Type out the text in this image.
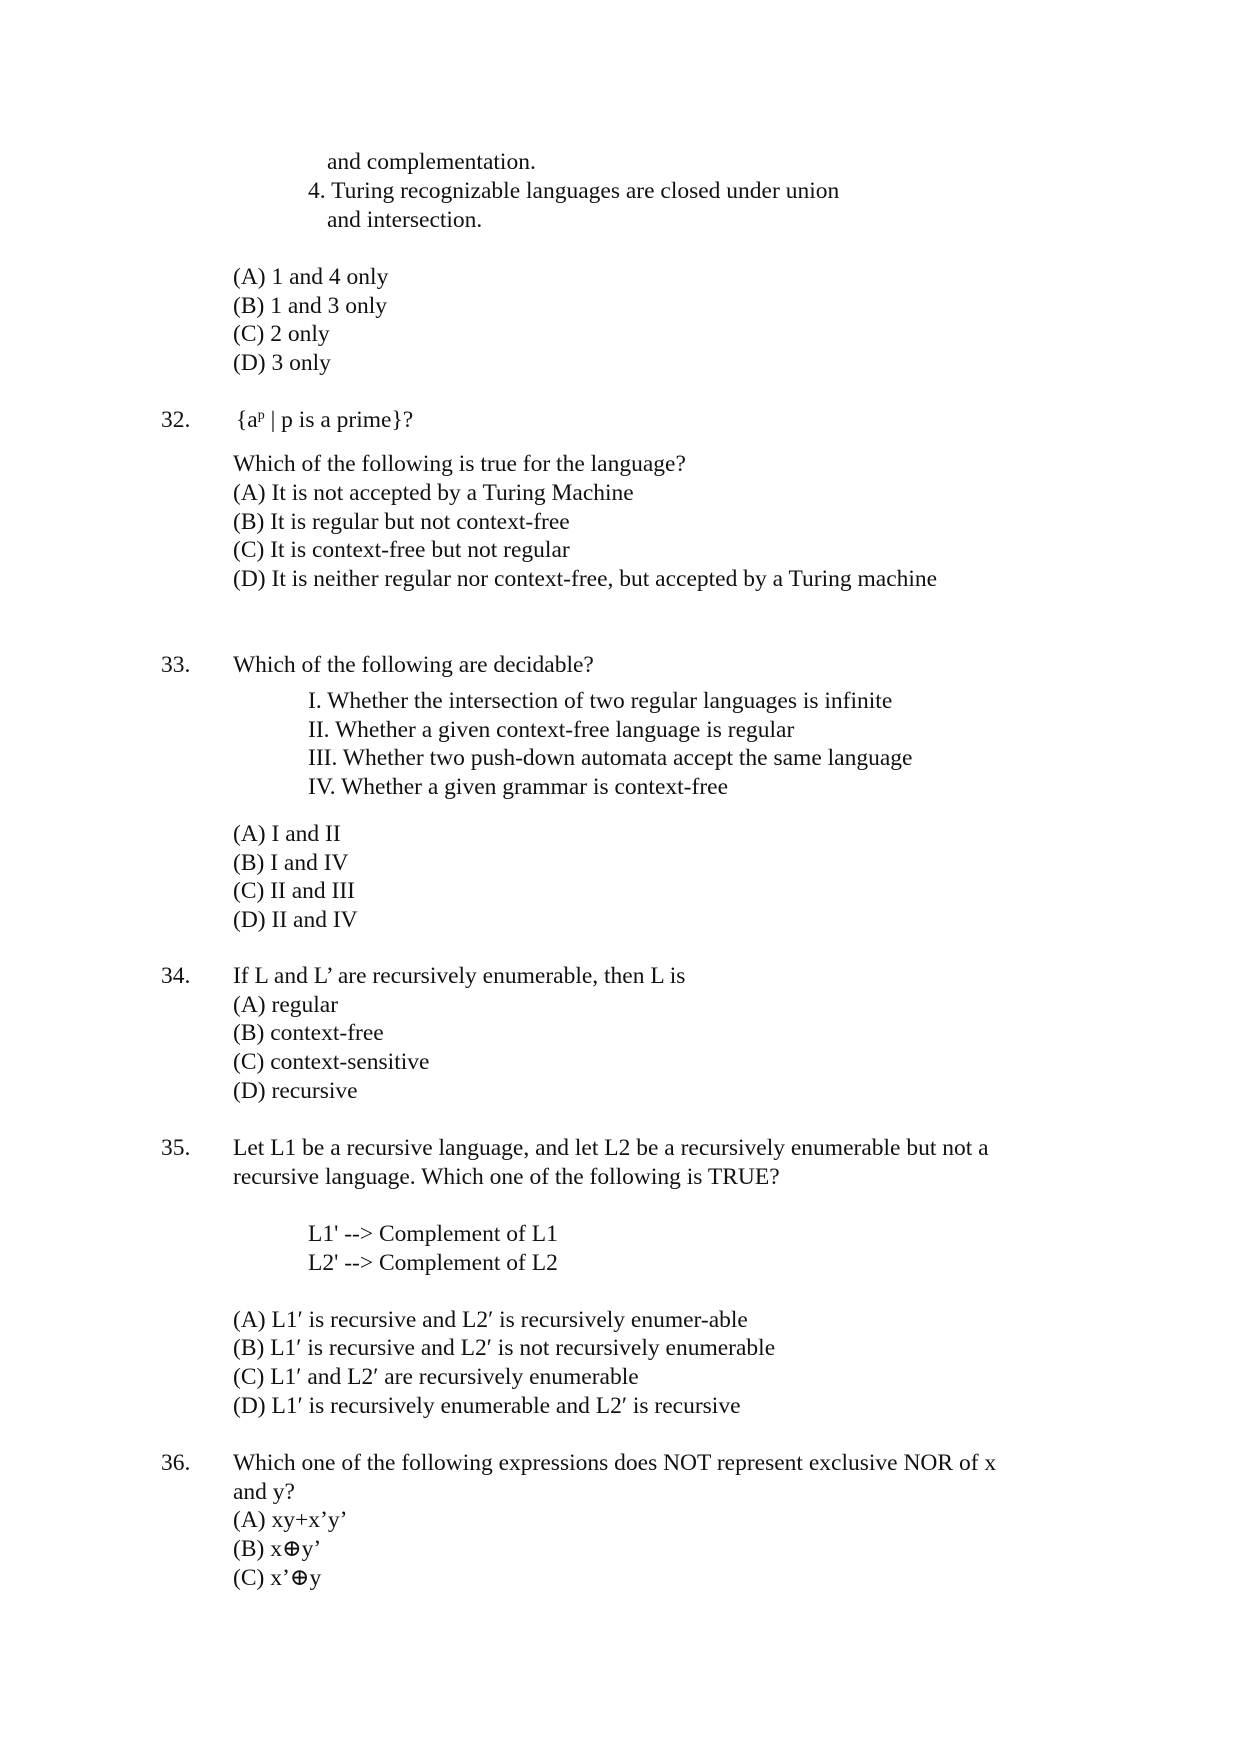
and complementation.
4. Turing recognizable languages are closed under union
and intersection.
(A) 1 and 4 only
(B) 1 and 3 only
(C) 2 only
(D) 3 only
32. {$a^p$ | p is a prime}?
Which of the following is true for the language?
(A) It is not accepted by a Turing Machine
(B) It is regular but not context-free
(C) It is context-free but not regular
(D) It is neither regular nor context-free, but accepted by a Turing machine
33. Which of the following are decidable?
I. Whether the intersection of two regular languages is infinite
II. Whether a given context-free language is regular
III. Whether two push-down automata accept the same language
IV. Whether a given grammar is context-free
(A) I and II
(B) I and IV
(C) II and III
(D) II and IV
34. If L and L’ are recursively enumerable, then L is
(A) regular
(B) context-free
(C) context-sensitive
(D) recursive
35. Let L1 be a recursive language, and let L2 be a recursively enumerable but not a
recursive language. Which one of the following is TRUE?
L1' --> Complement of L1
L2' --> Complement of L2
(A) L1′ is recursive and L2′ is recursively enumer-able
(B) L1′ is recursive and L2′ is not recursively enumerable
(C) L1′ and L2′ are recursively enumerable
(D) L1′ is recursively enumerable and L2′ is recursive
36. Which one of the following expressions does NOT represent exclusive NOR of x
and y?
(A) xy+x’y’
(B) x⊕y’
(C) x’⊕y
